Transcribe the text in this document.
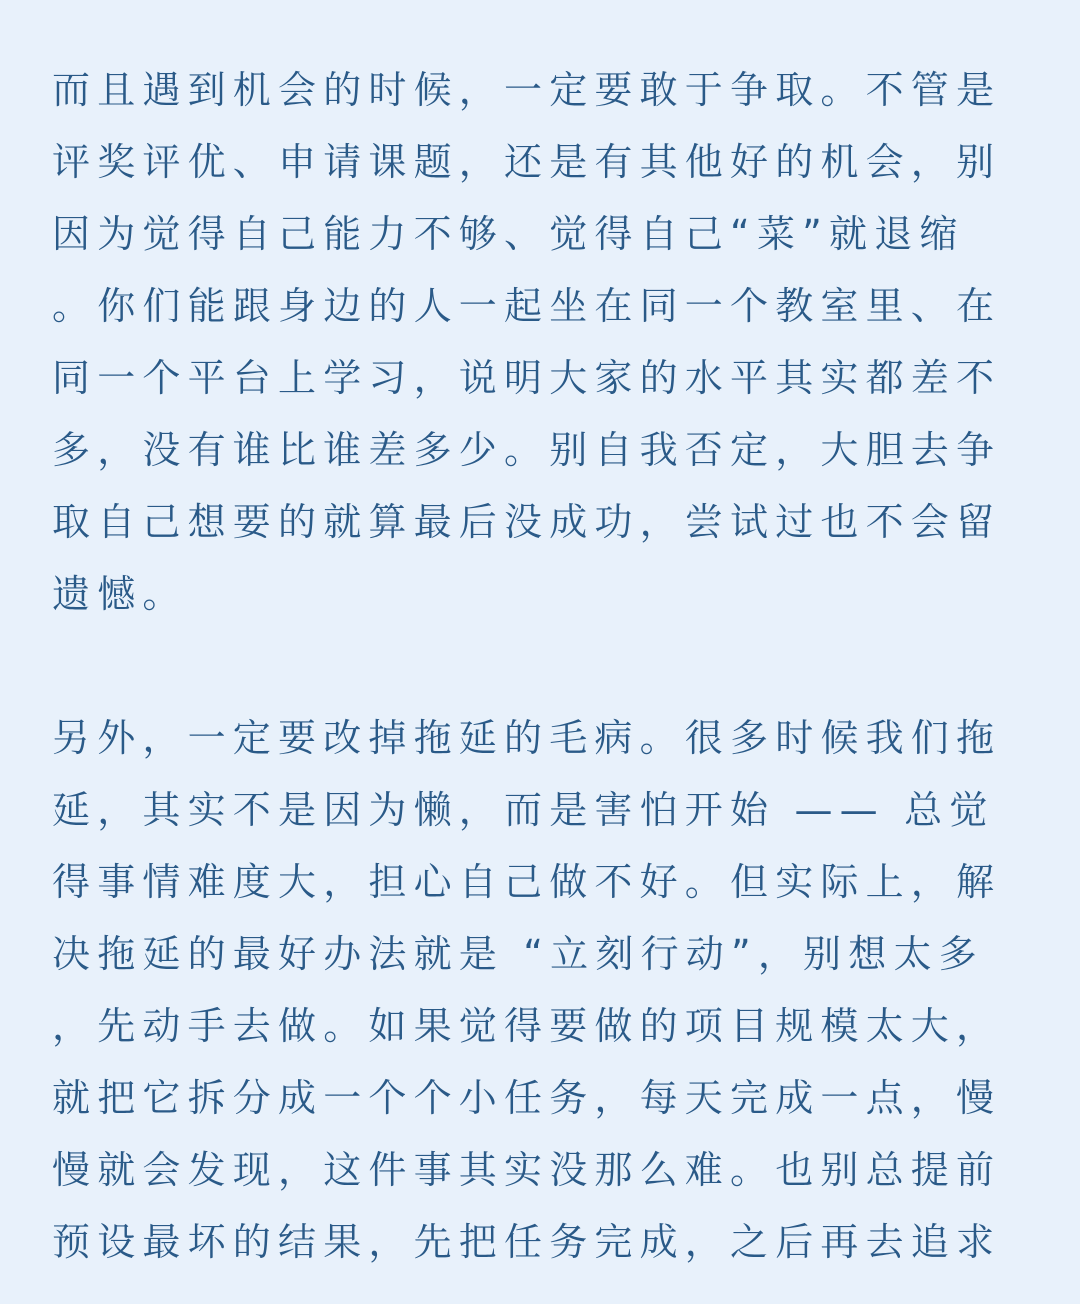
而且遇到机会的时候，一定要敢于争取。不管是
评奖评优、申请课题，还是有其他好的机会，别
因为觉得自己能力不够、觉得自己“菜”就退缩
。你们能跟身边的人一起坐在同一个教室里、在
同一个平台上学习，说明大家的水平其实都差不
多，没有谁比谁差多少。别自我否定，大胆去争
取自己想要的就算最后没成功，尝试过也不会留
遗憾。
另外，一定要改掉拖延的毛病。很多时候我们拖
延，其实不是因为懒，而是害怕开始 —— 总觉
得事情难度大，担心自己做不好。但实际上，解
决拖延的最好办法就是 “立刻行动”，别想太多
，先动手去做。如果觉得要做的项目规模太大，
就把它拆分成一个个小任务，每天完成一点，慢
慢就会发现，这件事其实没那么难。也别总提前
预设最坏的结果，先把任务完成，之后再去追求
